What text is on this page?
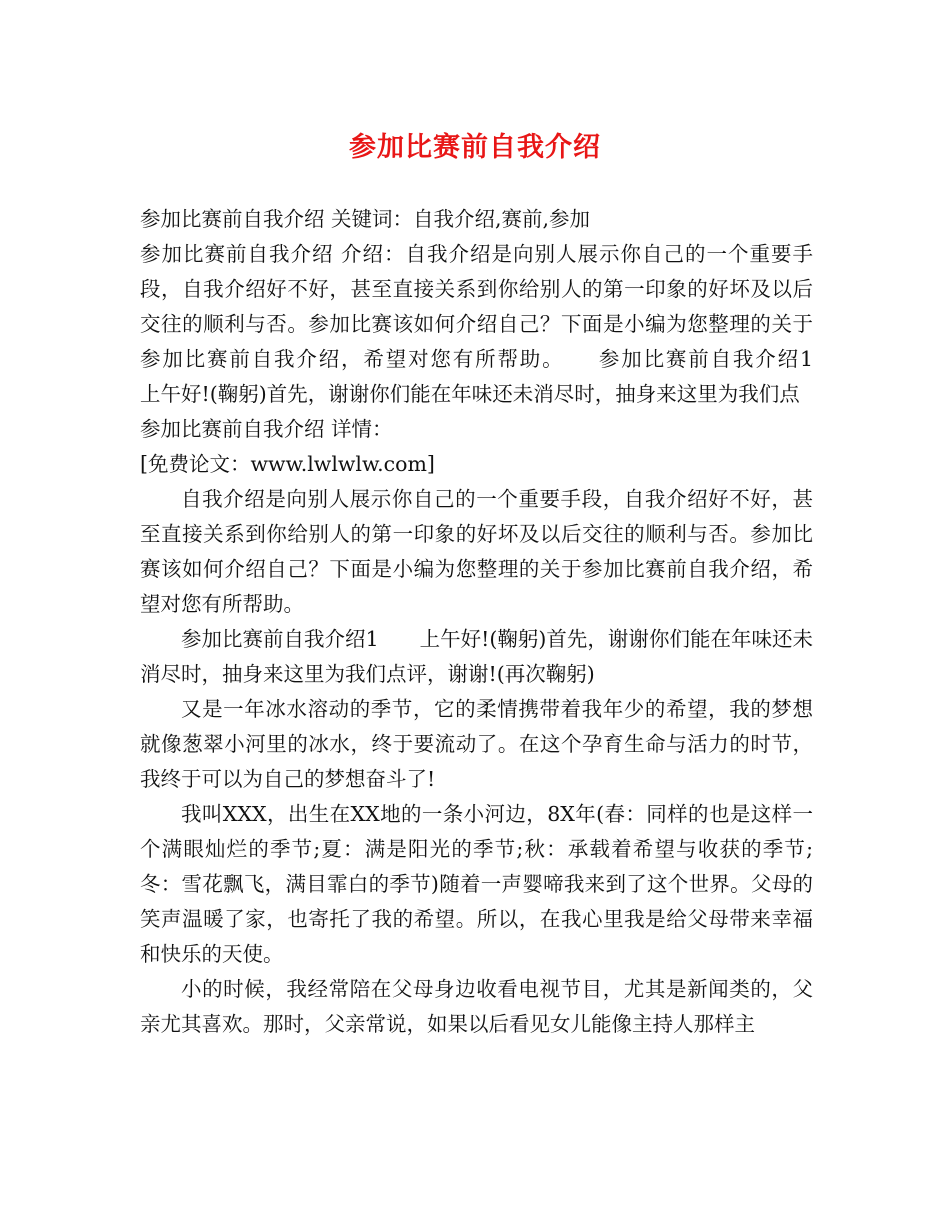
参加比赛前自我介绍

参加比赛前自我介绍 关键词：自我介绍,赛前,参加

参加比赛前自我介绍 介绍：自我介绍是向别人展示你自己的一个重要手段，自我介绍好不好，甚至直接关系到你给别人的第一印象的好坏及以后交往的顺利与否。参加比赛该如何介绍自己？下面是小编为您整理的关于参加比赛前自我介绍，希望对您有所帮助。　　参加比赛前自我介绍1　　上午好!(鞠躬)首先，谢谢你们能在年味还未消尽时，抽身来这里为我们点

参加比赛前自我介绍 详情：

[免费论文：www.lwlwlw.com]

自我介绍是向别人展示你自己的一个重要手段，自我介绍好不好，甚至直接关系到你给别人的第一印象的好坏及以后交往的顺利与否。参加比赛该如何介绍自己？下面是小编为您整理的关于参加比赛前自我介绍，希望对您有所帮助。

参加比赛前自我介绍1　　上午好!(鞠躬)首先，谢谢你们能在年味还未消尽时，抽身来这里为我们点评，谢谢!(再次鞠躬)

又是一年冰水溶动的季节，它的柔情携带着我年少的希望，我的梦想就像葱翠小河里的冰水，终于要流动了。在这个孕育生命与活力的时节，我终于可以为自己的梦想奋斗了!

我叫XXX，出生在XX地的一条小河边，8X年(春：同样的也是这样一个满眼灿烂的季节;夏：满是阳光的季节;秋：承载着希望与收获的季节;冬：雪花飘飞，满目霏白的季节)随着一声婴啼我来到了这个世界。父母的笑声温暖了家，也寄托了我的希望。所以，在我心里我是给父母带来幸福和快乐的天使。

小的时候，我经常陪在父母身边收看电视节目，尤其是新闻类的，父亲尤其喜欢。那时，父亲常说，如果以后看见女儿能像主持人那样主
